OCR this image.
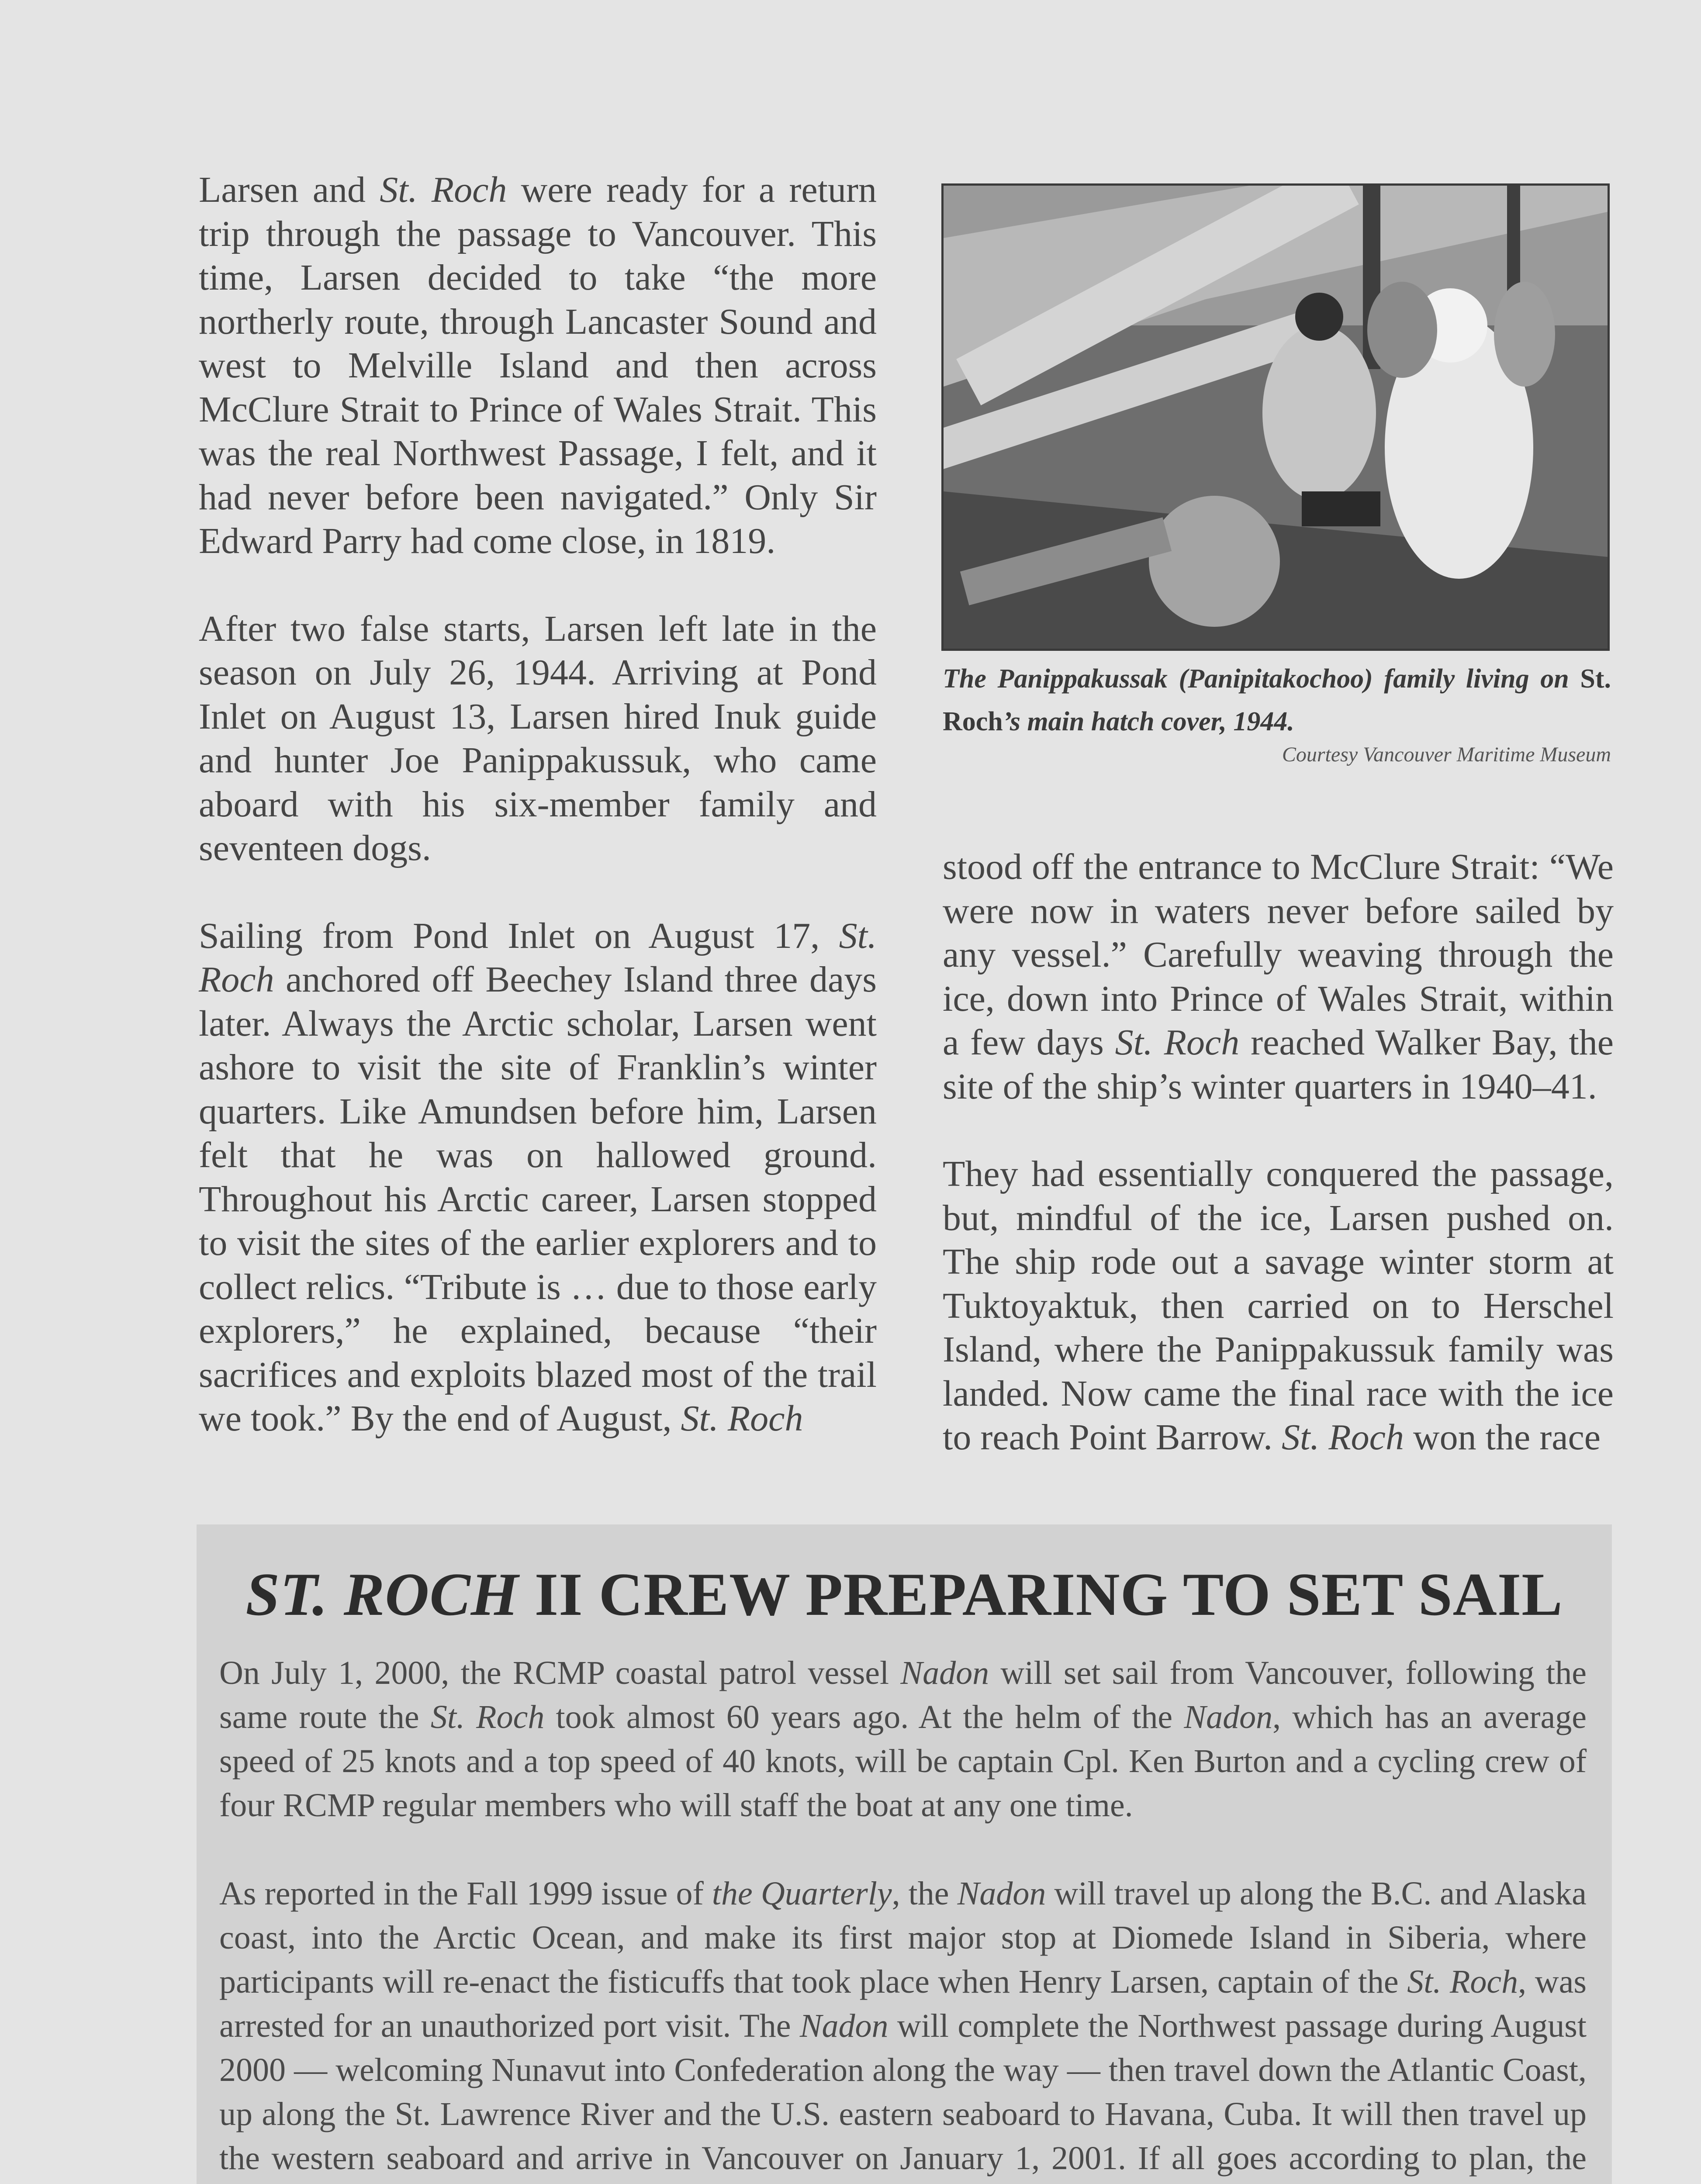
Larsen and St. Roch were ready for a return trip through the passage to Vancouver. This time, Larsen decided to take “the more northerly route, through Lancaster Sound and west to Melville Island and then across McClure Strait to Prince of Wales Strait. This was the real Northwest Passage, I felt, and it had never before been navigated.” Only Sir Edward Parry had come close, in 1819.

After two false starts, Larsen left late in the season on July 26, 1944. Arriving at Pond Inlet on August 13, Larsen hired Inuk guide and hunter Joe Panippakussuk, who came aboard with his six-member family and seventeen dogs.

Sailing from Pond Inlet on August 17, St. Roch anchored off Beechey Island three days later. Always the Arctic scholar, Larsen went ashore to visit the site of Franklin’s winter quarters. Like Amundsen before him, Larsen felt that he was on hallowed ground. Throughout his Arctic career, Larsen stopped to visit the sites of the earlier explorers and to collect relics. “Tribute is … due to those early explorers,” he explained, because “their sacrifices and exploits blazed most of the trail we took.” By the end of August, St. Roch

The Panippakussak (Panipitakochoo) family living on St. Roch’s main hatch cover, 1944.
Courtesy Vancouver Maritime Museum

stood off the entrance to McClure Strait: “We were now in waters never before sailed by any vessel.” Carefully weaving through the ice, down into Prince of Wales Strait, within a few days St. Roch reached Walker Bay, the site of the ship’s winter quarters in 1940–41.

They had essentially conquered the passage, but, mindful of the ice, Larsen pushed on. The ship rode out a savage winter storm at Tuktoyaktuk, then carried on to Herschel Island, where the Panippakussuk family was landed. Now came the final race with the ice to reach Point Barrow. St. Roch won the race

ST. ROCH II CREW PREPARING TO SET SAIL

On July 1, 2000, the RCMP coastal patrol vessel Nadon will set sail from Vancouver, following the same route the St. Roch took almost 60 years ago. At the helm of the Nadon, which has an average speed of 25 knots and a top speed of 40 knots, will be captain Cpl. Ken Burton and a cycling crew of four RCMP regular members who will staff the boat at any one time.

As reported in the Fall 1999 issue of the Quarterly, the Nadon will travel up along the B.C. and Alaska coast, into the Arctic Ocean, and make its first major stop at Diomede Island in Siberia, where participants will re-enact the fisticuffs that took place when Henry Larsen, captain of the St. Roch, was arrested for an unauthorized port visit. The Nadon will complete the Northwest passage during August 2000 — welcoming Nunavut into Confederation along the way — then travel down the Atlantic Coast, up along the St. Lawrence River and the U.S. eastern seaboard to Havana, Cuba. It will then travel up the western seaboard and arrive in Vancouver on January 1, 2001. If all goes according to plan, the
